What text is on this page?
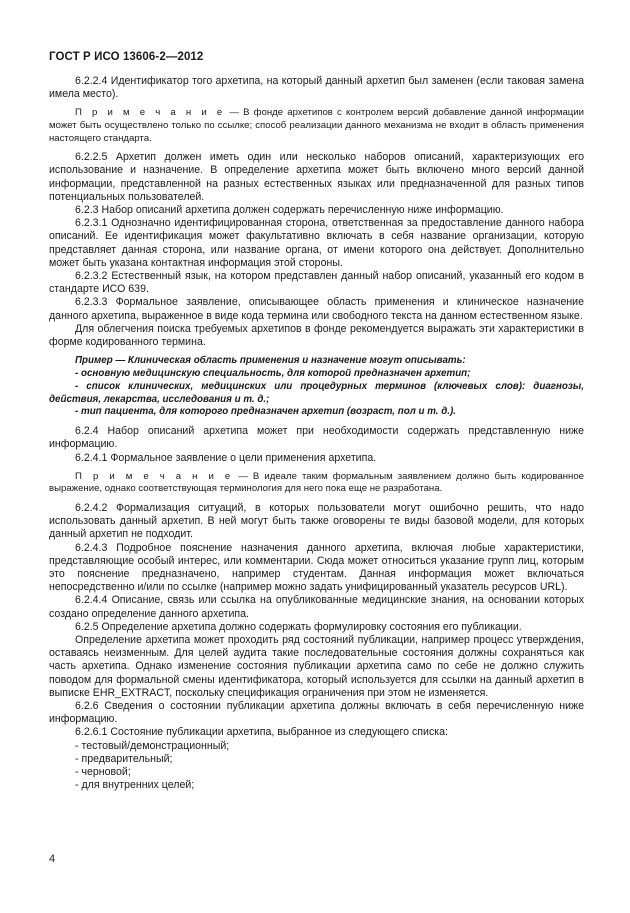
ГОСТ Р ИСО 13606-2—2012

6.2.2.4 Идентификатор того архетипа, на который данный архетип был заменен (если таковая замена имела место).

П р и м е ч а н и е — В фонде архетипов с контролем версий добавление данной информации может быть осуществлено только по ссылке; способ реализации данного механизма не входит в область применения настоящего стандарта.

6.2.2.5 Архетип должен иметь один или несколько наборов описаний, характеризующих его использование и назначение. В определение архетипа может быть включено много версий данной информации, представленной на разных естественных языках или предназначенной для разных типов потенциальных пользователей.

6.2.3 Набор описаний архетипа должен содержать перечисленную ниже информацию.

6.2.3.1 Однозначно идентифицированная сторона, ответственная за предоставление данного набора описаний. Ее идентификация может факультативно включать в себя название организации, которую представляет данная сторона, или название органа, от имени которого она действует. Дополнительно может быть указана контактная информация этой стороны.

6.2.3.2 Естественный язык, на котором представлен данный набор описаний, указанный его кодом в стандарте ИСО 639.

6.2.3.3 Формальное заявление, описывающее область применения и клиническое назначение данного архетипа, выраженное в виде кода термина или свободного текста на данном естественном языке.

Для облегчения поиска требуемых архетипов в фонде рекомендуется выражать эти характеристики в форме кодированного термина.

Пример — Клиническая область применения и назначение могут описывать:

- основную медицинскую специальность, для которой предназначен архетип;

- список клинических, медицинских или процедурных терминов (ключевых слов): диагнозы, действия, лекарства, исследования и т. д.;

- тип пациента, для которого предназначен архетип (возраст, пол и т. д.).

6.2.4 Набор описаний архетипа может при необходимости содержать представленную ниже информацию.

6.2.4.1 Формальное заявление о цели применения архетипа.

П р и м е ч а н и е — В идеале таким формальным заявлением должно быть кодированное выражение, однако соответствующая терминология для него пока еще не разработана.

6.2.4.2 Формализация ситуаций, в которых пользователи могут ошибочно решить, что надо использовать данный архетип. В ней могут быть также оговорены те виды базовой модели, для которых данный архетип не подходит.

6.2.4.3 Подробное пояснение назначения данного архетипа, включая любые характеристики, представляющие особый интерес, или комментарии. Сюда может относиться указание групп лиц, которым это пояснение предназначено, например студентам. Данная информация может включаться непосредственно и/или по ссылке (например можно задать унифицированный указатель ресурсов URL).

6.2.4.4 Описание, связь или ссылка на опубликованные медицинские знания, на основании которых создано определение данного архетипа.

6.2.5 Определение архетипа должно содержать формулировку состояния его публикации.

Определение архетипа может проходить ряд состояний публикации, например процесс утверждения, оставаясь неизменным. Для целей аудита такие последовательные состояния должны сохраняться как часть архетипа. Однако изменение состояния публикации архетипа само по себе не должно служить поводом для формальной смены идентификатора, который используется для ссылки на данный архетип в выписке EHR_EXTRACT, поскольку спецификация ограничения при этом не изменяется.

6.2.6 Сведения о состоянии публикации архетипа должны включать в себя перечисленную ниже информацию.

6.2.6.1 Состояние публикации архетипа, выбранное из следующего списка:

- тестовый/демонстрационный;

- предварительный;

- черновой;

- для внутренних целей;

4
